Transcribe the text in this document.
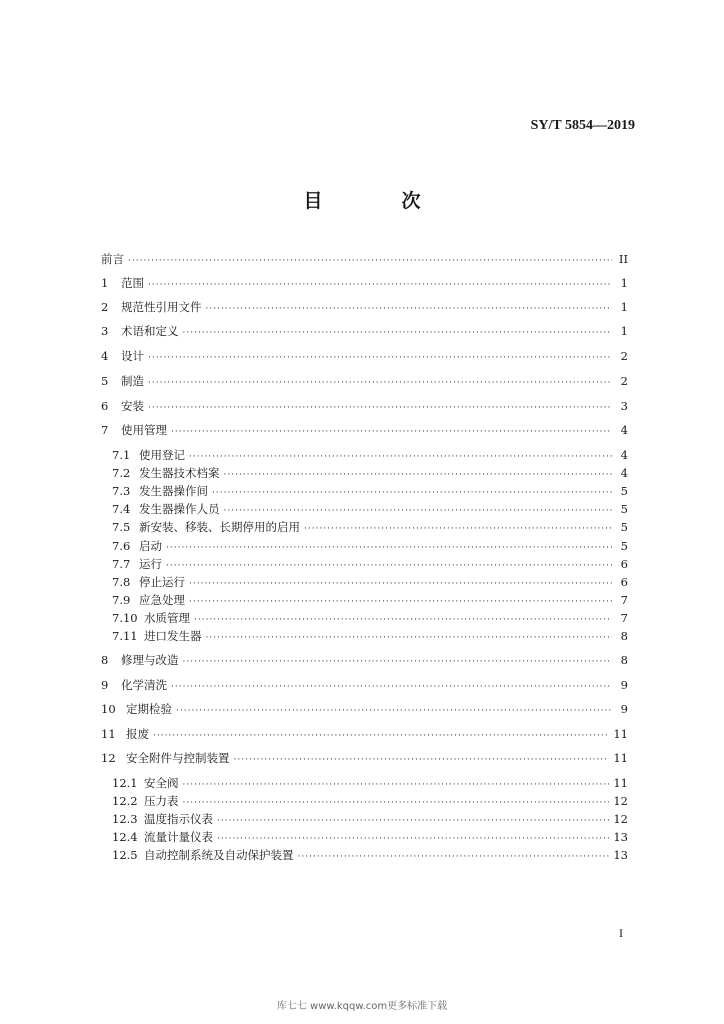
SY/T 5854—2019
目　次
前言 ·····	II
1	范围 ·····	1
2	规范性引用文件 ·····	1
3	术语和定义 ·····	1
4	设计 ·····	2
5	制造 ·····	2
6	安装 ·····	3
7	使用管理 ·····	4
7.1 使用登记 ·····	4
7.2 发生器技术档案 ·····	4
7.3 发生器操作间 ·····	5
7.4 发生器操作人员 ·····	5
7.5 新安装、移装、长期停用的启用 ·····	5
7.6 启动 ·····	5
7.7 运行 ·····	6
7.8 停止运行 ·····	6
7.9 应急处理 ·····	7
7.10 水质管理 ·····	7
7.11 进口发生器 ·····	8
8	修理与改造 ·····	8
9	化学清洗 ·····	9
10 定期检验 ·····	9
11 报废 ·····	11
12 安全附件与控制装置 ·····	11
12.1 安全阀 ·····	11
12.2 压力表 ·····	12
12.3 温度指示仪表 ·····	12
12.4 流量计量仪表 ·····	13
12.5 自动控制系统及自动保护装置 ·····	13
I
库七七 www.kqqw.com更多标准下载
